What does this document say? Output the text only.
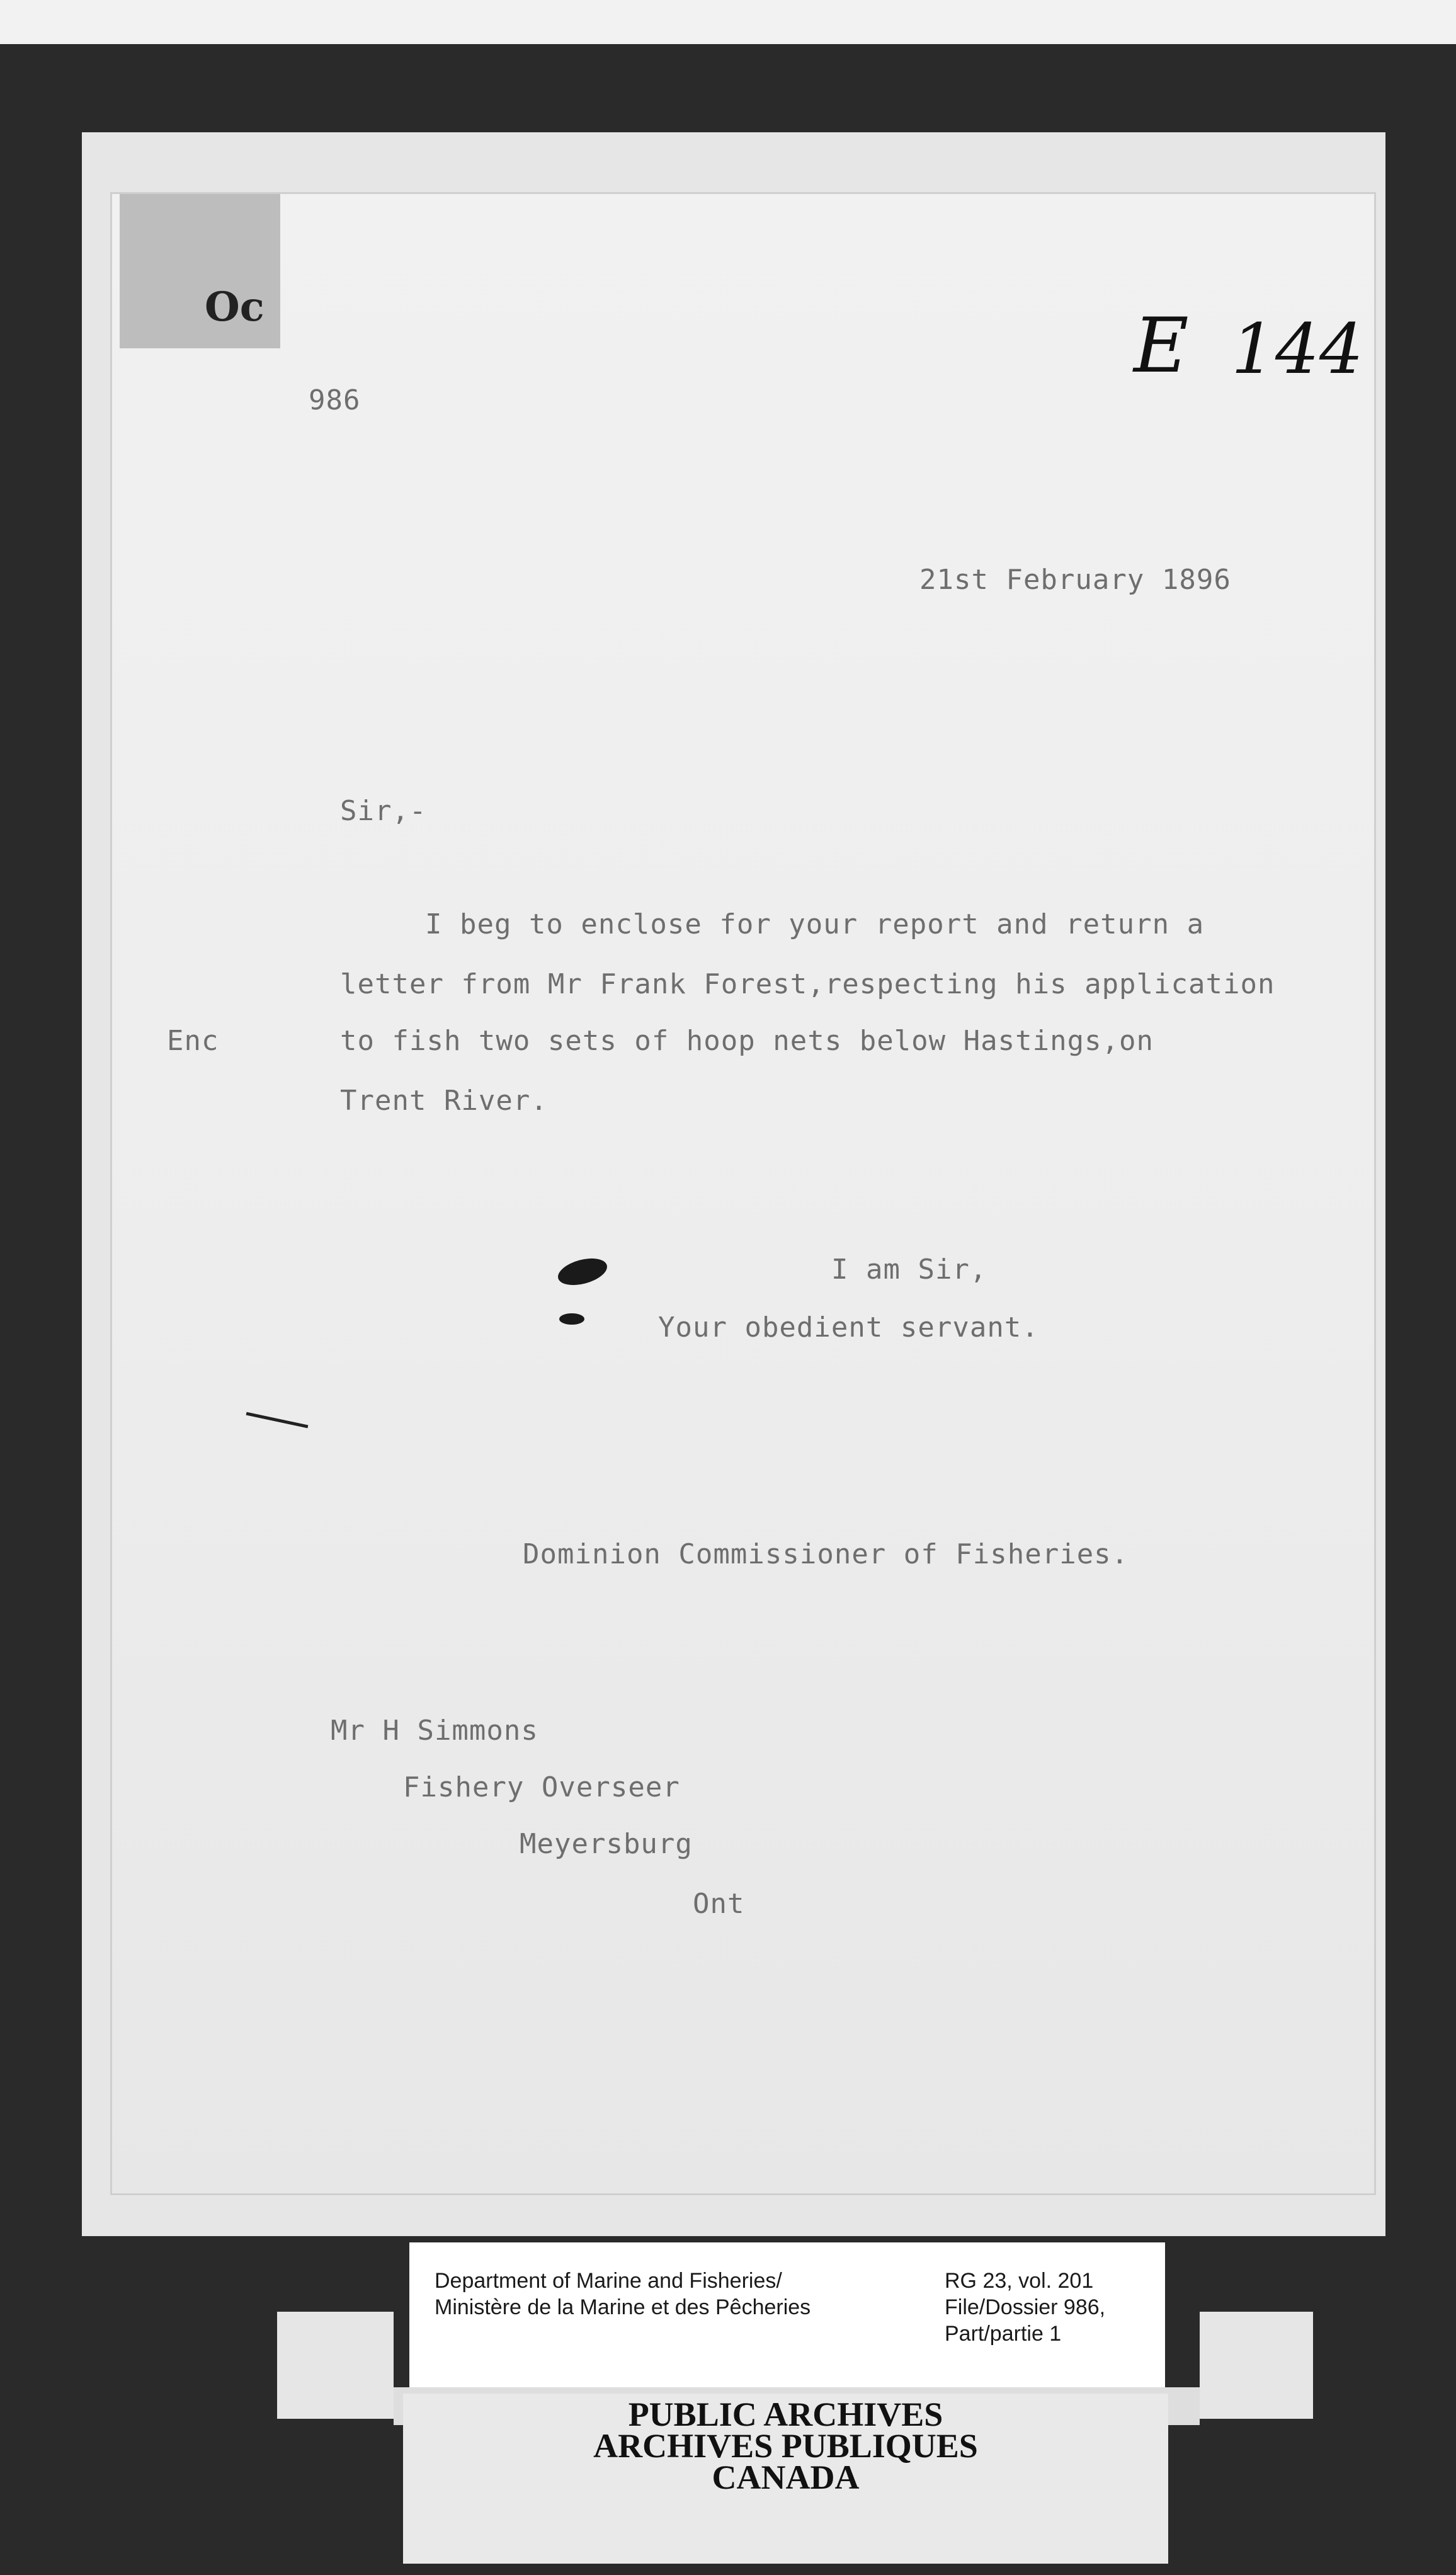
Oc	E 144
986
21st February 1896
Sir,-
I beg to enclose for your report and return a
letter from Mr Frank Forest,respecting his application
Enc	to fish two sets of hoop nets below Hastings,on
Trent River.
I am Sir,
Your obedient servant.
Dominion Commissioner of Fisheries.
Mr H Simmons
Fishery Overseer
Meyersburg
Ont
Department of Marine and Fisheries/
Ministère de la Marine et des Pêcheries
RG 23, vol. 201
File/Dossier 986,
Part/partie 1
PUBLIC ARCHIVES
ARCHIVES PUBLIQUES
CANADA
